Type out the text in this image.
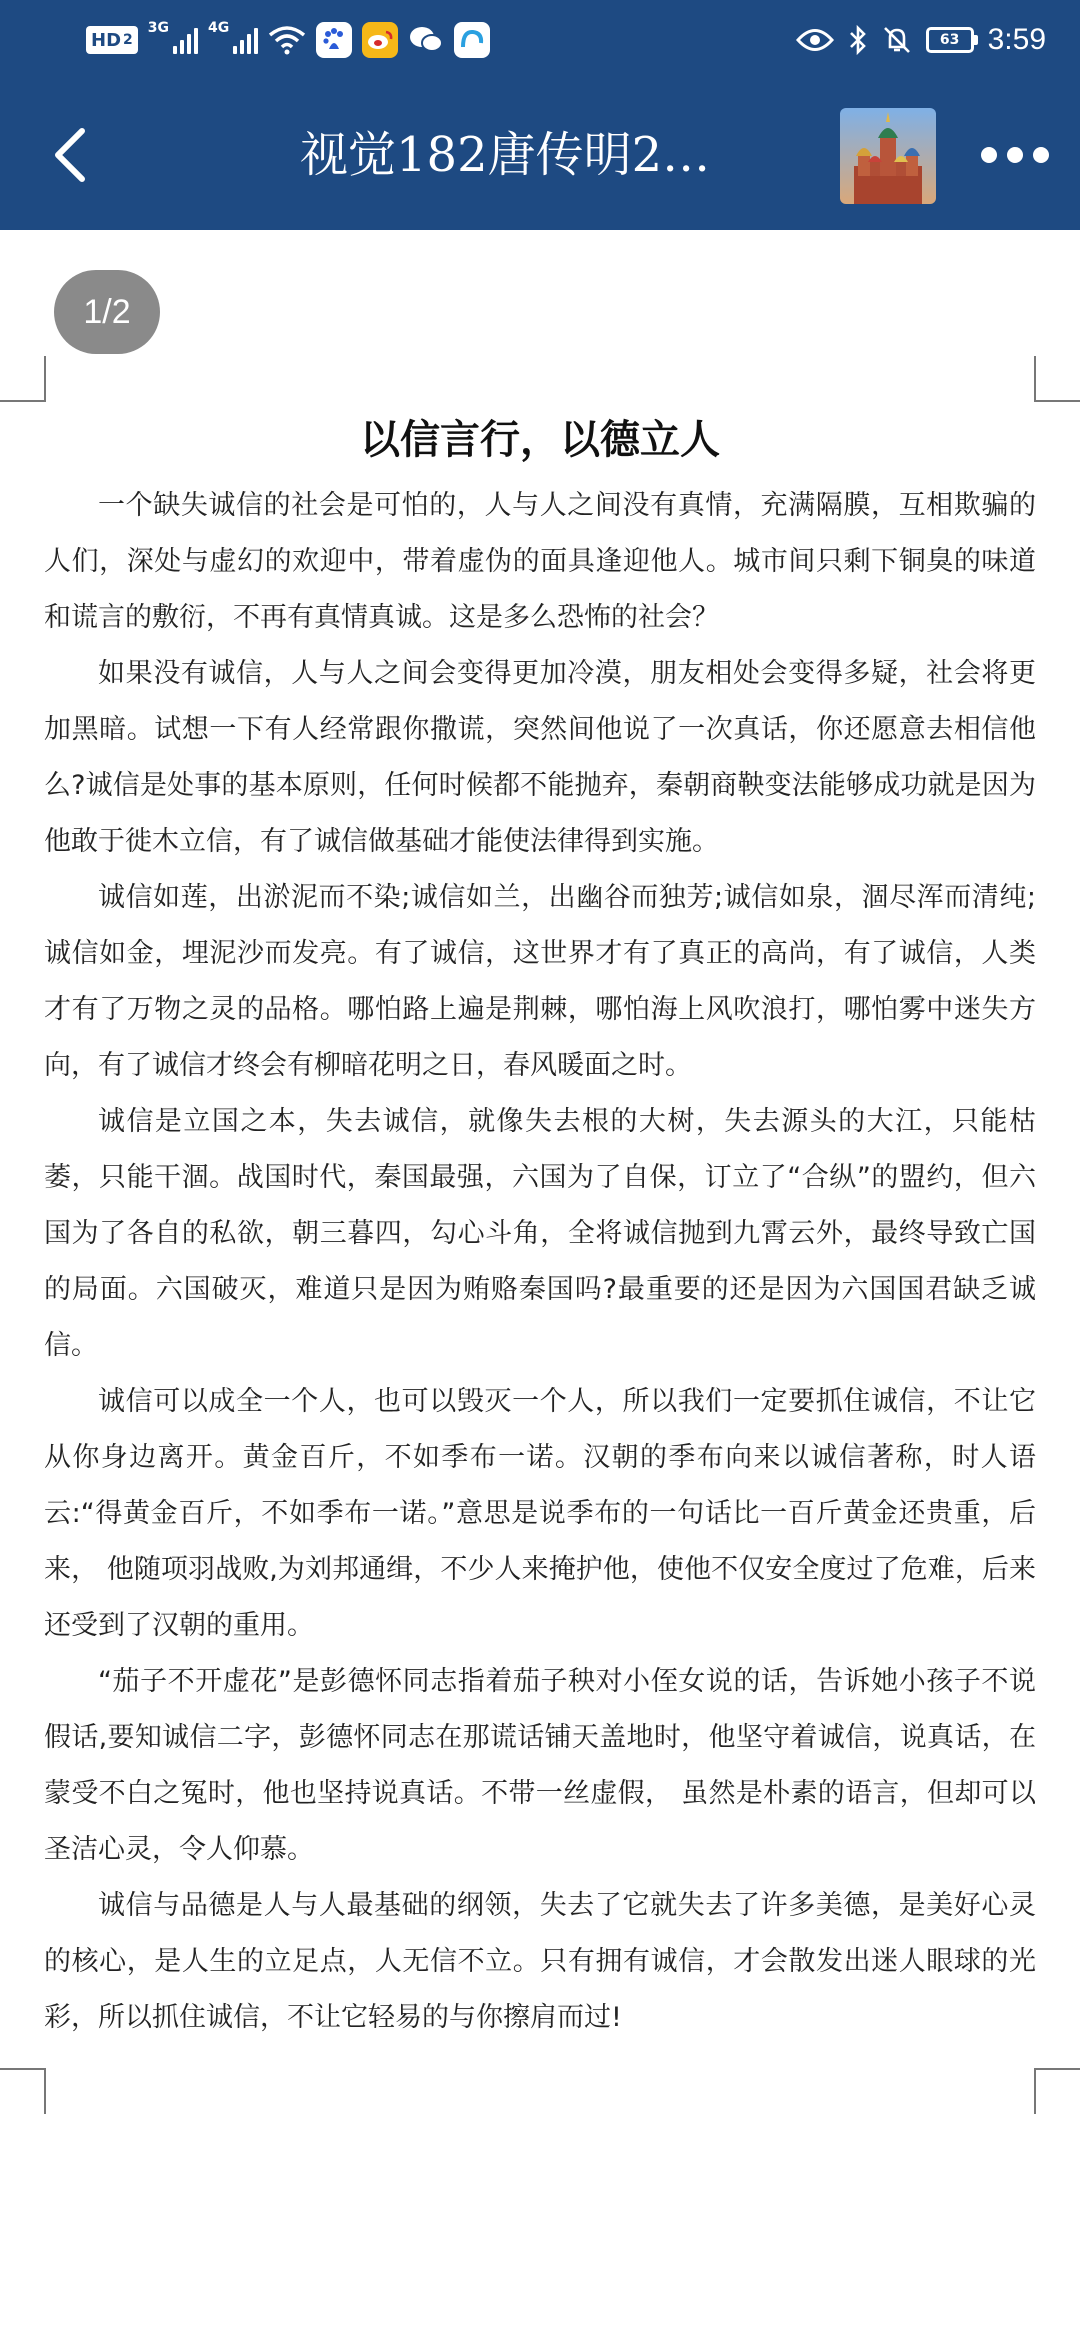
HD 2
3G	4G
63 3:59
视觉182唐传明2…
1/2
以信言行，以德立人

一个缺失诚信的社会是可怕的，人与人之间没有真情，充满隔膜，互相欺骗的人们，深处与虚幻的欢迎中，带着虚伪的面具逢迎他人。城市间只剩下铜臭的味道和谎言的敷衍，不再有真情真诚。这是多么恐怖的社会？

如果没有诚信，人与人之间会变得更加冷漠，朋友相处会变得多疑，社会将更加黑暗。试想一下有人经常跟你撒谎，突然间他说了一次真话，你还愿意去相信他么?诚信是处事的基本原则，任何时候都不能抛弃，秦朝商鞅变法能够成功就是因为他敢于徙木立信，有了诚信做基础才能使法律得到实施。

诚信如莲，出淤泥而不染;诚信如兰，出幽谷而独芳;诚信如泉，涸尽浑而清纯;诚信如金，埋泥沙而发亮。有了诚信，这世界才有了真正的高尚，有了诚信，人类才有了万物之灵的品格。哪怕路上遍是荆棘，哪怕海上风吹浪打，哪怕雾中迷失方向，有了诚信才终会有柳暗花明之日，春风暖面之时。

诚信是立国之本，失去诚信，就像失去根的大树，失去源头的大江，只能枯萎，只能干涸。战国时代，秦国最强，六国为了自保，订立了“合纵”的盟约，但六国为了各自的私欲，朝三暮四，勾心斗角，全将诚信抛到九霄云外，最终导致亡国的局面。六国破灭，难道只是因为贿赂秦国吗?最重要的还是因为六国国君缺乏诚信。

诚信可以成全一个人，也可以毁灭一个人，所以我们一定要抓住诚信，不让它从你身边离开。黄金百斤，不如季布一诺。汉朝的季布向来以诚信著称，时人语云:“得黄金百斤，不如季布一诺。”意思是说季布的一句话比一百斤黄金还贵重，后来， 他随项羽战败,为刘邦通缉，不少人来掩护他，使他不仅安全度过了危难，后来还受到了汉朝的重用。

“茄子不开虚花”是彭德怀同志指着茄子秧对小侄女说的话，告诉她小孩子不说假话,要知诚信二字，彭德怀同志在那谎话铺天盖地时，他坚守着诚信，说真话，在蒙受不白之冤时，他也坚持说真话。不带一丝虚假， 虽然是朴素的语言，但却可以圣洁心灵，令人仰慕。

诚信与品德是人与人最基础的纲领，失去了它就失去了许多美德，是美好心灵的核心，是人生的立足点，人无信不立。只有拥有诚信，才会散发出迷人眼球的光彩，所以抓住诚信，不让它轻易的与你擦肩而过!
